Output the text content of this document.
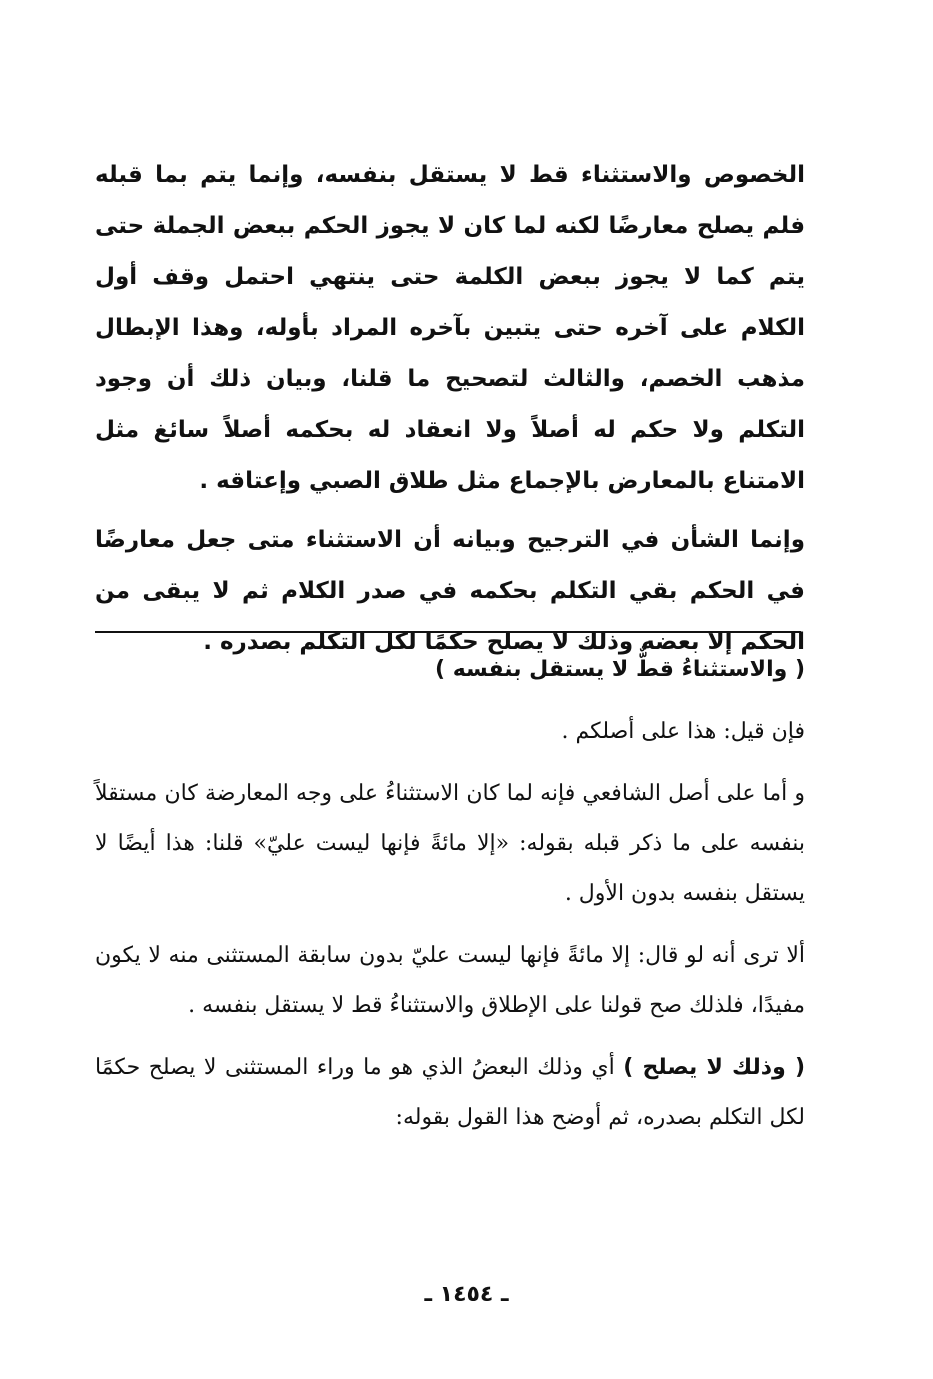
الخصوص والاستثناء قط لا يستقل بنفسه، وإنما يتم بما قبله فلم يصلح معارضًا لكنه لما كان لا يجوز الحكم ببعض الجملة حتى يتم كما لا يجوز ببعض الكلمة حتى ينتهي احتمل وقف أول الكلام على آخره حتى يتبين بآخره المراد بأوله، وهذا الإبطال مذهب الخصم، والثالث لتصحيح ما قلنا، وبيان ذلك أن وجود التكلم ولا حكم له أصلاً ولا انعقاد له بحكمه أصلاً سائغ مثل الامتناع بالمعارض بالإجماع مثل طلاق الصبي وإعتاقه .

وإنما الشأن في الترجيح وبيانه أن الاستثناء متى جعل معارضًا في الحكم بقي التكلم بحكمه في صدر الكلام ثم لا يبقى من الحكم إلا بعضه وذلك لا يصلح حكمًا لكل التكلم بصدره .

( والاستثناءُ قطٌّ لا يستقل بنفسه )

فإن قيل: هذا على أصلكم .

و أما على أصل الشافعي فإنه لما كان الاستثناءُ على وجه المعارضة كان مستقلاً بنفسه على ما ذكر قبله بقوله: «إلا مائةً فإنها ليست عليّ» قلنا: هذا أيضًا لا يستقل بنفسه بدون الأول .

ألا ترى أنه لو قال: إلا مائةً فإنها ليست عليّ بدون سابقة المستثنى منه لا يكون مفيدًا، فلذلك صح قولنا على الإطلاق والاستثناءُ قط لا يستقل بنفسه .

( وذلك لا يصلح ) أي وذلك البعضُ الذي هو ما وراء المستثنى لا يصلح حكمًا لكل التكلم بصدره، ثم أوضح هذا القول بقوله:

ـ ١٤٥٤ ـ
